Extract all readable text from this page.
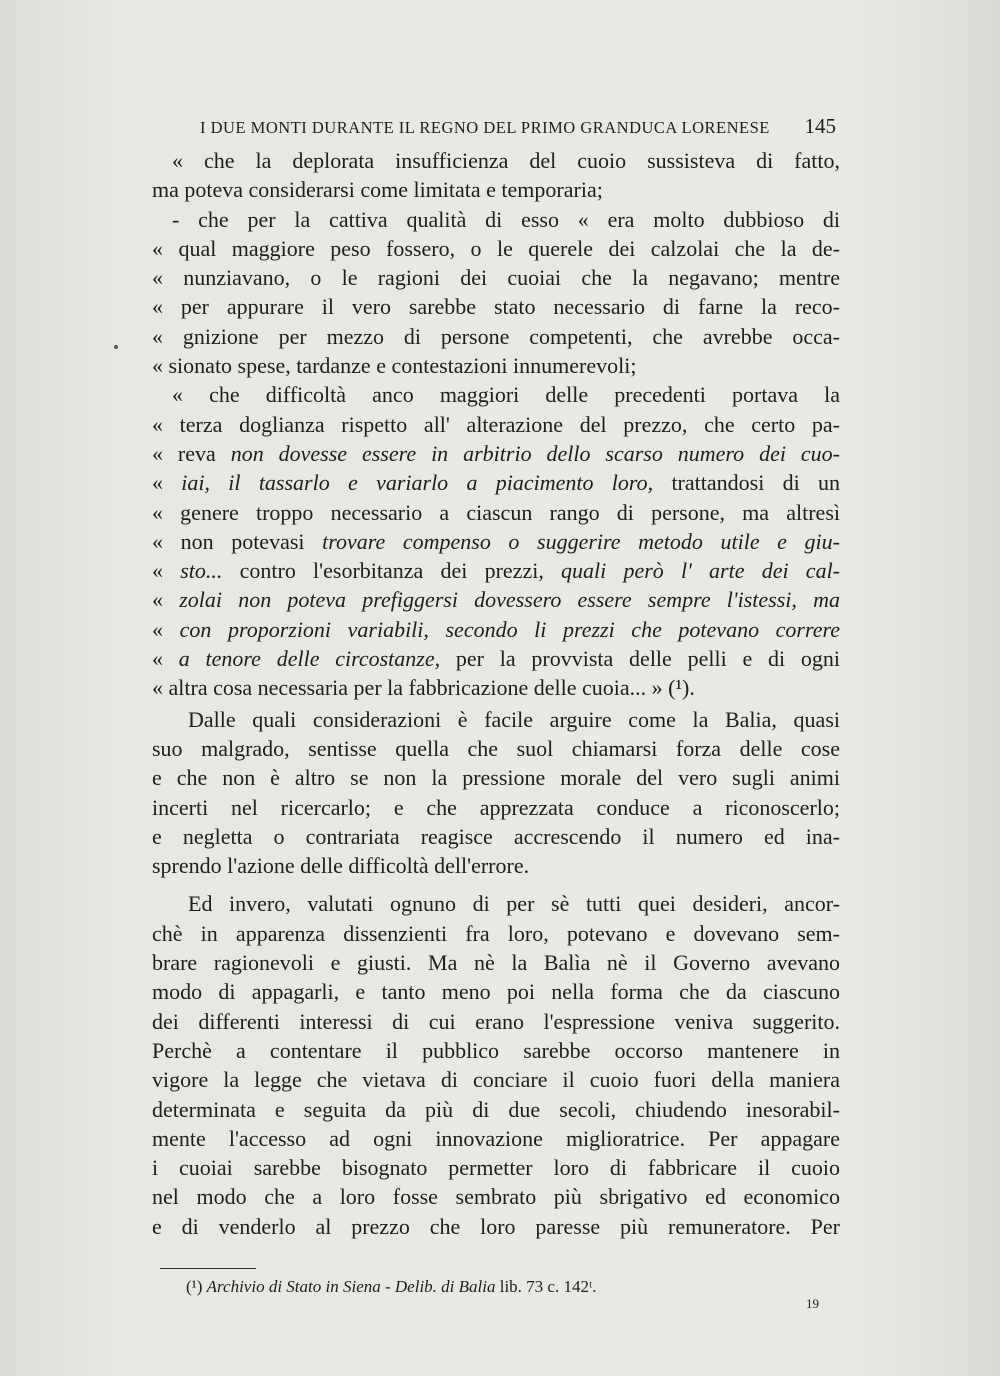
I DUE MONTI DURANTE IL REGNO DEL PRIMO GRANDUCA LORENESE 145
« che la deplorata insufficienza del cuoio sussisteva di fatto,
ma poteva considerarsi come limitata e temporaria;
- che per la cattiva qualità di esso « era molto dubbioso di
« qual maggiore peso fossero, o le querele dei calzolai che la de-
« nunziavano, o le ragioni dei cuoiai che la negavano; mentre
« per appurare il vero sarebbe stato necessario di farne la reco-
« gnizione per mezzo di persone competenti, che avrebbe occa-
« sionato spese, tardanze e contestazioni innumerevoli;
« che difficoltà anco maggiori delle precedenti portava la
« terza doglianza rispetto all' alterazione del prezzo, che certo pa-
« reva non dovesse essere in arbitrio dello scarso numero dei cuo-
« iai, il tassarlo e variarlo a piacimento loro, trattandosi di un
« genere troppo necessario a ciascun rango di persone, ma altresì
« non potevasi trovare compenso o suggerire metodo utile e giu-
« sto... contro l'esorbitanza dei prezzi, quali però l' arte dei cal-
« zolai non poteva prefiggersi dovessero essere sempre l'istessi, ma
« con proporzioni variabili, secondo li prezzi che potevano correre
« a tenore delle circostanze, per la provvista delle pelli e di ogni
« altra cosa necessaria per la fabbricazione delle cuoia... » (¹).
Dalle quali considerazioni è facile arguire come la Balia, quasi
suo malgrado, sentisse quella che suol chiamarsi forza delle cose
e che non è altro se non la pressione morale del vero sugli animi
incerti nel ricercarlo; e che apprezzata conduce a riconoscerlo;
e negletta o contrariata reagisce accrescendo il numero ed ina-
sprendo l'azione delle difficoltà dell'errore.
Ed invero, valutati ognuno di per sè tutti quei desideri, ancor-
chè in apparenza dissenzienti fra loro, potevano e dovevano sem-
brare ragionevoli e giusti. Ma nè la Balìa nè il Governo avevano
modo di appagarli, e tanto meno poi nella forma che da ciascuno
dei differenti interessi di cui erano l'espressione veniva suggerito.
Perchè a contentare il pubblico sarebbe occorso mantenere in
vigore la legge che vietava di conciare il cuoio fuori della maniera
determinata e seguita da più di due secoli, chiudendo inesorabil-
mente l'accesso ad ogni innovazione miglioratrice. Per appagare
i cuoiai sarebbe bisognato permetter loro di fabbricare il cuoio
nel modo che a loro fosse sembrato più sbrigativo ed economico
e di venderlo al prezzo che loro paresse più remuneratore. Per
(¹) Archivio di Stato in Siena - Delib. di Balia lib. 73 c. 142ᵗ.
19
